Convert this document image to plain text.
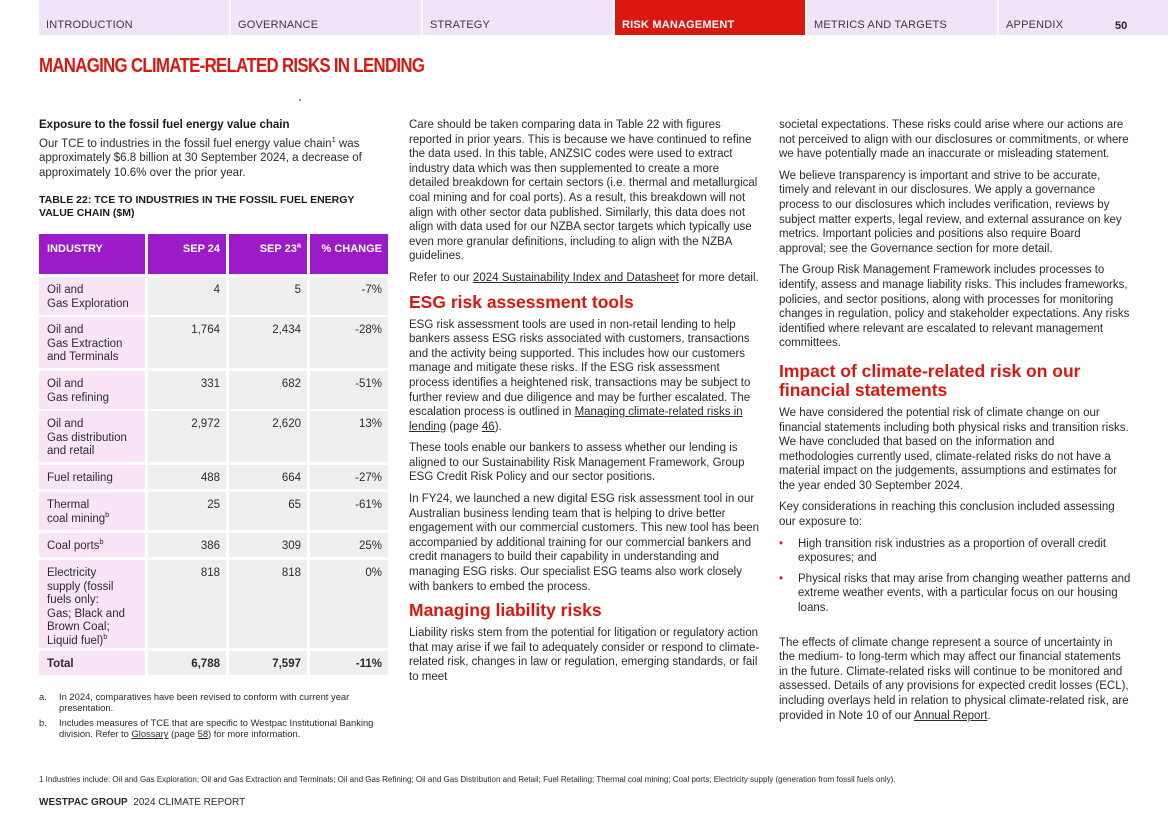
INTRODUCTION	GOVERNANCE	STRATEGY	RISK MANAGEMENT	METRICS AND TARGETS	APPENDIX	50
MANAGING CLIMATE-RELATED RISKS IN LENDING
Exposure to the fossil fuel energy value chain

Our TCE to industries in the fossil fuel energy value chain$^1$ was approximately $6.8 billion at 30 September 2024, a decrease of approximately 10.6% over the prior year.

TABLE 22: TCE TO INDUSTRIES IN THE FOSSIL FUEL ENERGY VALUE CHAIN ($M)
INDUSTRY	SEP 24	SEP 23$^a$	% CHANGE
Oil and
Gas Exploration
4	5	-7%
Oil and
Gas Extraction
and Terminals
1,764	2,434	-28%
Oil and
Gas refining
331	682	-51%
Oil and
Gas distribution
and retail
2,972	2,620	13%
Fuel retailing	488	664	-27%
Thermal
coal mining$^b$
25	65	-61%
Coal ports$^b$	386	309	25%
Electricity
supply (fossil
fuels only:
Gas; Black and
Brown Coal;
Liquid fuel)$^b$
818	818	0%
Total	6,788	7,597	-11%
a. In 2024, comparatives have been revised to conform with current year presentation.
b. Includes measures of TCE that are specific to Westpac Institutional Banking division. Refer to Glossary (page 58) for more information.

Care should be taken comparing data in Table 22 with figures reported in prior years. This is because we have continued to refine the data used. In this table, ANZSIC codes were used to extract industry data which was then supplemented to create a more detailed breakdown for certain sectors (i.e. thermal and metallurgical coal mining and for coal ports). As a result, this breakdown will not align with other sector data published. Similarly, this data does not align with data used for our NZBA sector targets which typically use even more granular definitions, including to align with the NZBA guidelines.

Refer to our 2024 Sustainability Index and Datasheet for more detail.

ESG risk assessment tools

ESG risk assessment tools are used in non-retail lending to help bankers assess ESG risks associated with customers, transactions and the activity being supported. This includes how our customers manage and mitigate these risks. If the ESG risk assessment process identifies a heightened risk, transactions may be subject to further review and due diligence and may be further escalated. The escalation process is outlined in Managing climate-related risks in lending (page 46).

These tools enable our bankers to assess whether our lending is aligned to our Sustainability Risk Management Framework, Group ESG Credit Risk Policy and our sector positions.

In FY24, we launched a new digital ESG risk assessment tool in our Australian business lending team that is helping to drive better engagement with our commercial customers. This new tool has been accompanied by additional training for our commercial bankers and credit managers to build their capability in understanding and managing ESG risks. Our specialist ESG teams also work closely with bankers to embed the process.

Managing liability risks

Liability risks stem from the potential for litigation or regulatory action that may arise if we fail to adequately consider or respond to climate-related risk, changes in law or regulation, emerging standards, or fail to meet

societal expectations. These risks could arise where our actions are not perceived to align with our disclosures or commitments, or where we have potentially made an inaccurate or misleading statement.

We believe transparency is important and strive to be accurate, timely and relevant in our disclosures. We apply a governance process to our disclosures which includes verification, reviews by subject matter experts, legal review, and external assurance on key metrics. Important policies and positions also require Board approval; see the Governance section for more detail.

The Group Risk Management Framework includes processes to identify, assess and manage liability risks. This includes frameworks, policies, and sector positions, along with processes for monitoring changes in regulation, policy and stakeholder expectations. Any risks identified where relevant are escalated to relevant management committees.

Impact of climate-related risk on our financial statements

We have considered the potential risk of climate change on our financial statements including both physical risks and transition risks. We have concluded that based on the information and methodologies currently used, climate-related risks do not have a material impact on the judgements, assumptions and estimates for the year ended 30 September 2024.

Key considerations in reaching this conclusion included assessing our exposure to:

• High transition risk industries as a proportion of overall credit exposures; and
• Physical risks that may arise from changing weather patterns and extreme weather events, with a particular focus on our housing loans.

The effects of climate change represent a source of uncertainty in the medium- to long-term which may affect our financial statements in the future. Climate-related risks will continue to be monitored and assessed. Details of any provisions for expected credit losses (ECL), including overlays held in relation to physical climate-related risk, are provided in Note 10 of our Annual Report.

1 Industries include: Oil and Gas Exploration; Oil and Gas Extraction and Terminals; Oil and Gas Refining; Oil and Gas Distribution and Retail; Fuel Retailing; Thermal coal mining; Coal ports; Electricity supply (generation from fossil fuels only).
WESTPAC GROUP 2024 CLIMATE REPORT
